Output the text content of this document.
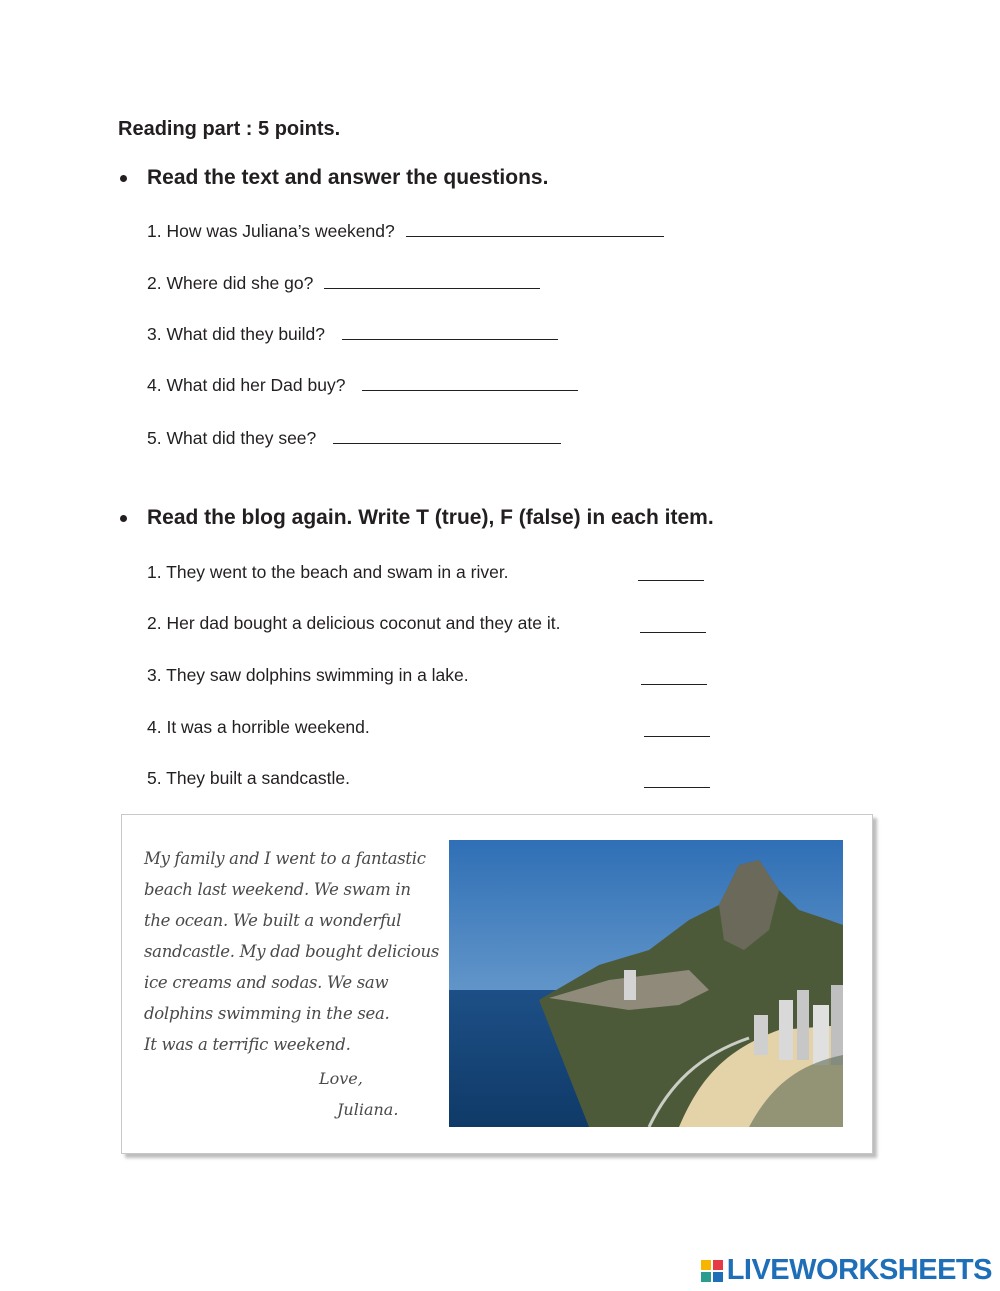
Reading part : 5 points.
Read the text and answer the questions.
1. How was Juliana’s weekend?
2. Where did she go?
3. What did they build?
4. What did her Dad buy?
5. What did they see?
Read the blog again. Write T (true), F (false) in each item.
1. They went to the beach and swam in a river.
2. Her dad bought a delicious coconut and they ate it.
3. They saw dolphins swimming in a lake.
4. It was a horrible weekend.
5. They built a sandcastle.
My family and I went to a fantastic
beach last weekend. We swam in
the ocean. We built a wonderful
sandcastle. My dad bought delicious
ice creams and sodas. We saw
dolphins swimming in the sea.
It was a terrific weekend.
Love,
Juliana.
LIVEWORKSHEETS
